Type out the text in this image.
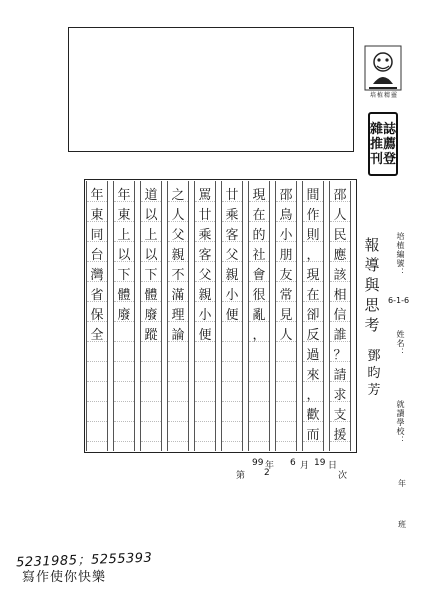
培植精靈
雜誌
推薦
刊登
培植編號：
6-1-6
姓名：
就讀學校：
年
班
報
導
與
思
考
鄧
昀
芳
年
東
同
台
灣
省
保
全
年
東
上
以
下
體
廢
道
以
上
以
下
體
廢
蹤
之
人
父
親
不
滿
理
論
罵
廿
乘
客
父
親
小
便
廿
乘
客
父
親
小
便
現
在
的
社
會
很
亂
，
邵
鳥
小
朋
友
常
見
人
間
作
則
，
現
在
卻
反
過
來
，
歡
而
邵
人
民
應
該
相
信
誰
？
請
求
支
援
99 年 6 月 19 日
第 2	次
5231985；5255393
寫作使你快樂
